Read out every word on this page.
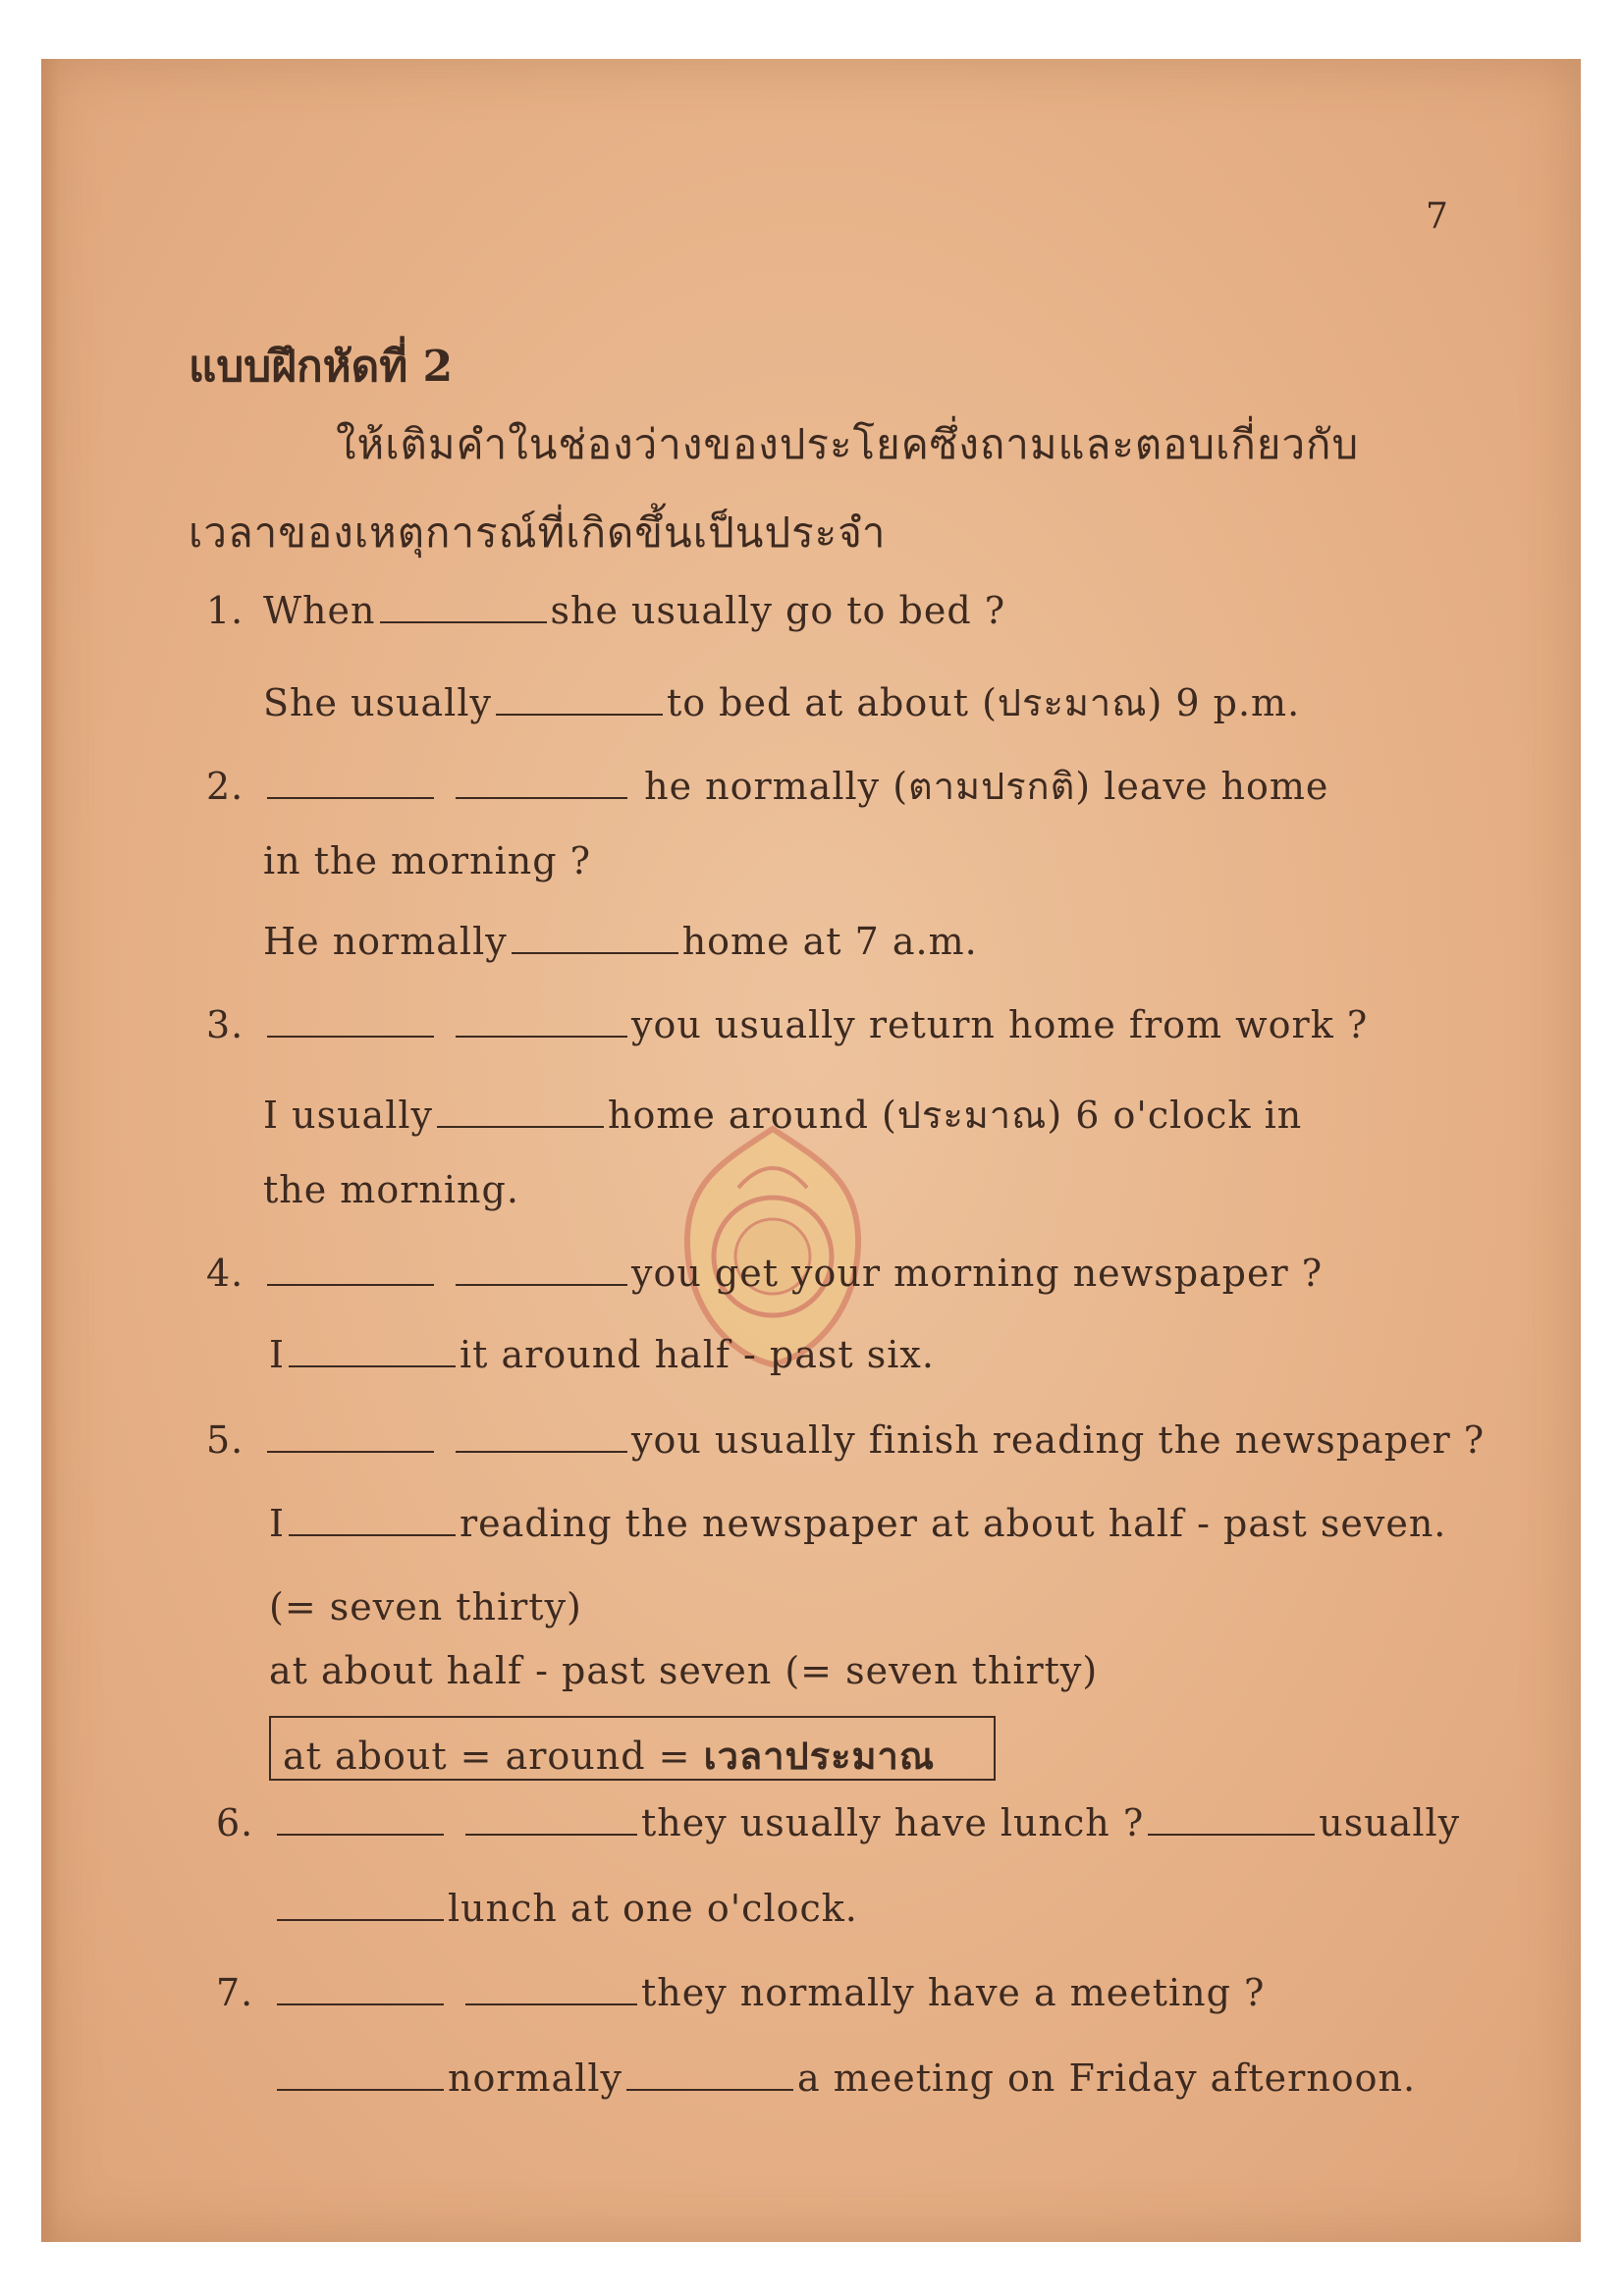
7
แบบฝึกหัดที่ 2
ให้เติมคำในช่องว่างของประโยคซึ่งถามและตอบเกี่ยวกับ
เวลาของเหตุการณ์ที่เกิดขึ้นเป็นประจำ
1. When	she usually go to bed ?
She usually	to bed at about (ประมาณ) 9 p.m.
2.	he normally (ตามปรกติ) leave home
in the morning ?
He normally	home at 7 a.m.
3.	you usually return home from work ?
I usually	home around (ประมาณ) 6 o'clock in
the morning.
4.	you get your morning newspaper ?
I	it around half - past six.
5.	you usually finish reading the newspaper ?
I	reading the newspaper at about half - past seven.
(= seven thirty)
at about half - past seven (= seven thirty)
at about = around = เวลาประมาณ
6.	they usually have lunch ?	usually
lunch at one o'clock.
7.	they normally have a meeting ?
normally	a meeting on Friday afternoon.
